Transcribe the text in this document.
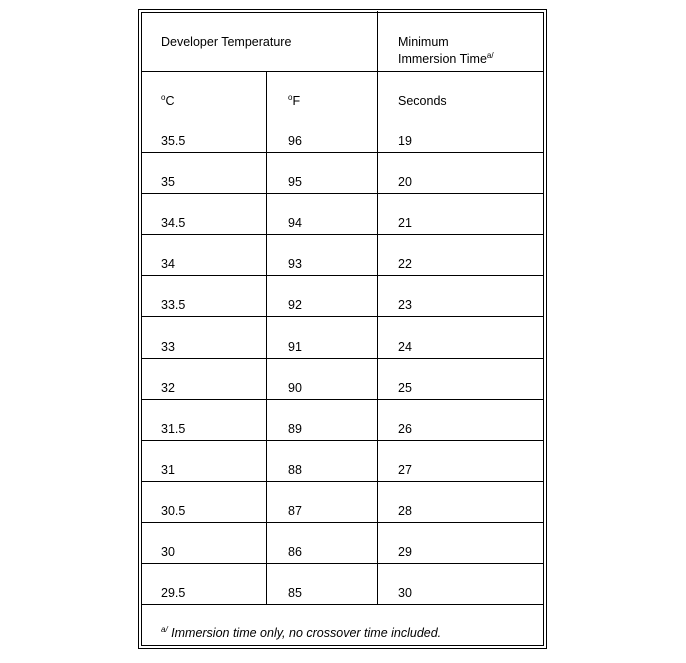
Developer Temperature	Minimum
Immersion Time$^{a/}$
$^o$C	$^o$F	Seconds
35.5	96	19
35	95	20
34.5	94	21
34	93	22
33.5	92	23
33	91	24
32	90	25
31.5	89	26
31	88	27
30.5	87	28
30	86	29
29.5	85	30
$^{a/}$ Immersion time only, no crossover time included.
